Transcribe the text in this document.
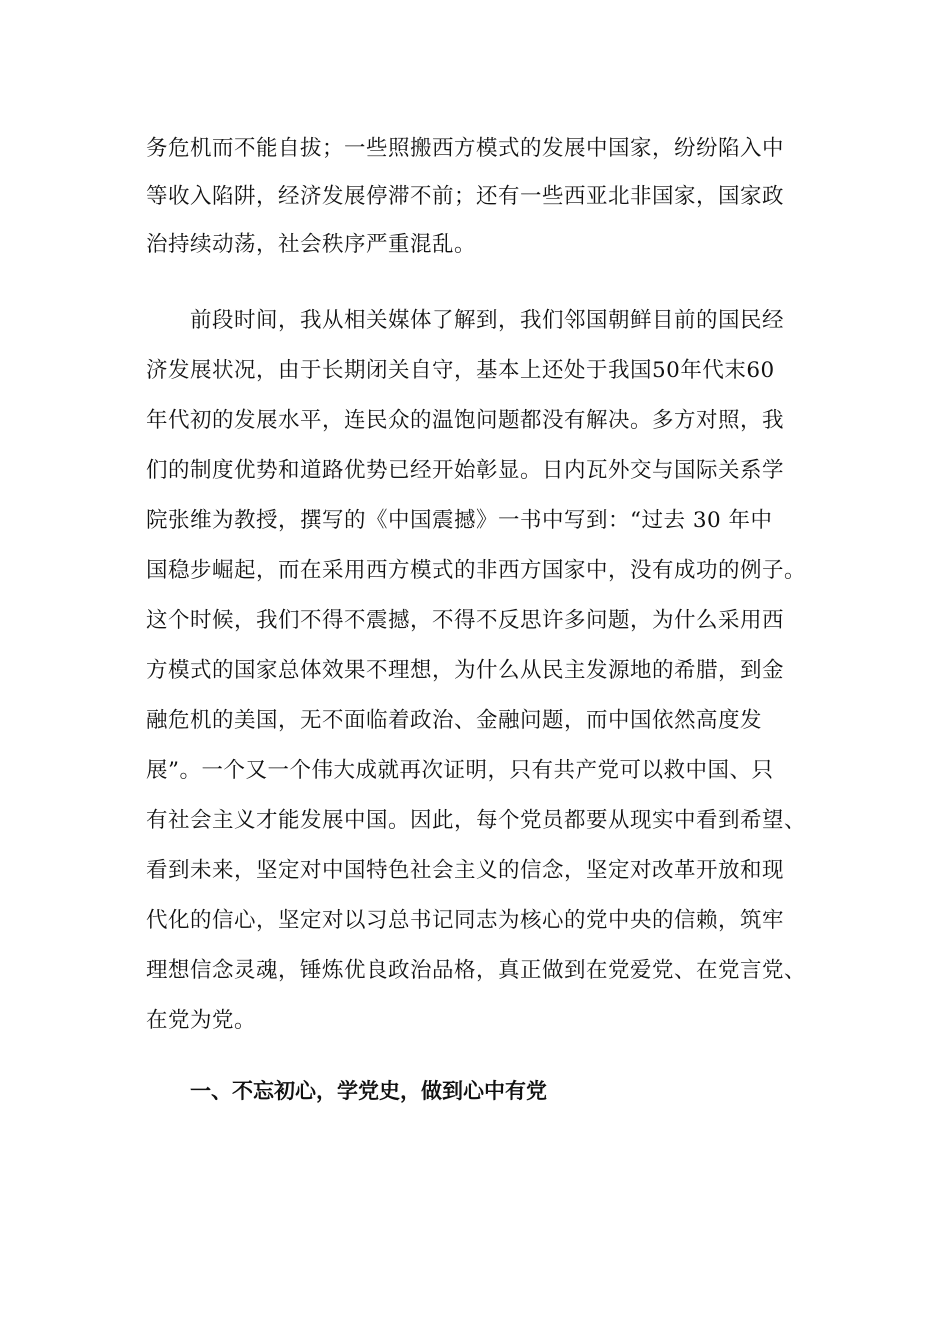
务危机而不能自拔；一些照搬西方模式的发展中国家，纷纷陷入中
等收入陷阱，经济发展停滞不前；还有一些西亚北非国家，国家政
治持续动荡，社会秩序严重混乱。
前段时间，我从相关媒体了解到，我们邻国朝鲜目前的国民经
济发展状况，由于长期闭关自守，基本上还处于我国50年代末60
年代初的发展水平，连民众的温饱问题都没有解决。多方对照，我
们的制度优势和道路优势已经开始彰显。日内瓦外交与国际关系学
院张维为教授，撰写的《中国震撼》一书中写到：“过去 30 年中
国稳步崛起，而在采用西方模式的非西方国家中，没有成功的例子。
这个时候，我们不得不震撼，不得不反思许多问题，为什么采用西
方模式的国家总体效果不理想，为什么从民主发源地的希腊，到金
融危机的美国，无不面临着政治、金融问题，而中国依然高度发
展”。一个又一个伟大成就再次证明，只有共产党可以救中国、只
有社会主义才能发展中国。因此，每个党员都要从现实中看到希望、
看到未来，坚定对中国特色社会主义的信念，坚定对改革开放和现
代化的信心，坚定对以习总书记同志为核心的党中央的信赖，筑牢
理想信念灵魂，锤炼优良政治品格，真正做到在党爱党、在党言党、
在党为党。
一、不忘初心，学党史，做到心中有党
